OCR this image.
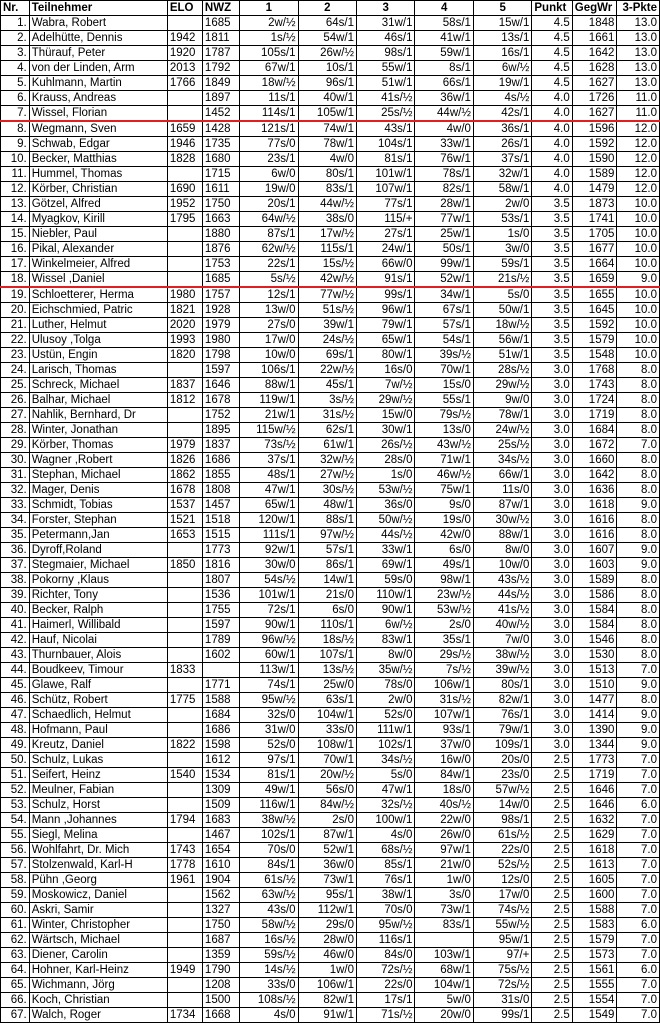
Nr.	Teilnehmer	ELO	NWZ	1	2	3	4	5	Punkt	GegWr	3-Pkte
1.	Wabra, Robert		1685	2w/½	64s/1	31w/1	58s/1	15w/1	4.5	1848	13.0
2.	Adelhütte, Dennis	1942	1811	1s/½	54w/1	46s/1	41w/1	13s/1	4.5	1661	13.0
3.	Thürauf, Peter	1920	1787	105s/1	26w/½	98s/1	59w/1	16s/1	4.5	1642	13.0
4.	von der Linden, Arm	2013	1792	67w/1	10s/1	55w/1	8s/1	6w/½	4.5	1628	13.0
5.	Kuhlmann, Martin	1766	1849	18w/½	96s/1	51w/1	66s/1	19w/1	4.5	1627	13.0
6.	Krauss, Andreas		1897	11s/1	40w/1	41s/½	36w/1	4s/½	4.0	1726	11.0
7.	Wissel, Florian		1452	114s/1	105w/1	25s/½	44w/½	42s/1	4.0	1627	11.0
8.	Wegmann, Sven	1659	1428	121s/1	74w/1	43s/1	4w/0	36s/1	4.0	1596	12.0
9.	Schwab, Edgar	1946	1735	77s/0	78w/1	104s/1	33w/1	26s/1	4.0	1592	12.0
10.	Becker, Matthias	1828	1680	23s/1	4w/0	81s/1	76w/1	37s/1	4.0	1590	12.0
11.	Hummel, Thomas		1715	6w/0	80s/1	101w/1	78s/1	32w/1	4.0	1589	12.0
12.	Körber, Christian	1690	1611	19w/0	83s/1	107w/1	82s/1	58w/1	4.0	1479	12.0
13.	Götzel, Alfred	1952	1750	20s/1	44w/½	77s/1	28w/1	2w/0	3.5	1873	10.0
14.	Myagkov, Kirill	1795	1663	64w/½	38s/0	115/+	77w/1	53s/1	3.5	1741	10.0
15.	Niebler, Paul		1880	87s/1	17w/½	27s/1	25w/1	1s/0	3.5	1705	10.0
16.	Pikal, Alexander		1876	62w/½	115s/1	24w/1	50s/1	3w/0	3.5	1677	10.0
17.	Winkelmeier, Alfred		1753	22s/1	15s/½	66w/0	99w/1	59s/1	3.5	1664	10.0
18.	Wissel ,Daniel		1685	5s/½	42w/½	91s/1	52w/1	21s/½	3.5	1659	9.0
19.	Schloetterer, Herma	1980	1757	12s/1	77w/½	99s/1	34w/1	5s/0	3.5	1655	10.0
20.	Eichschmied, Patric	1821	1928	13w/0	51s/½	96w/1	67s/1	50w/1	3.5	1645	10.0
21.	Luther, Helmut	2020	1979	27s/0	39w/1	79w/1	57s/1	18w/½	3.5	1592	10.0
22.	Ulusoy ,Tolga	1993	1980	17w/0	24s/½	65w/1	54s/1	56w/1	3.5	1579	10.0
23.	Ustün, Engin	1820	1798	10w/0	69s/1	80w/1	39s/½	51w/1	3.5	1548	10.0
24.	Larisch, Thomas		1597	106s/1	22w/½	16s/0	70w/1	28s/½	3.0	1768	8.0
25.	Schreck, Michael	1837	1646	88w/1	45s/1	7w/½	15s/0	29w/½	3.0	1743	8.0
26.	Balhar, Michael	1812	1678	119w/1	3s/½	29w/½	55s/1	9w/0	3.0	1724	8.0
27.	Nahlik, Bernhard, Dr		1752	21w/1	31s/½	15w/0	79s/½	78w/1	3.0	1719	8.0
28.	Winter, Jonathan		1895	115w/½	62s/1	30w/1	13s/0	24w/½	3.0	1684	8.0
29.	Körber, Thomas	1979	1837	73s/½	61w/1	26s/½	43w/½	25s/½	3.0	1672	7.0
30.	Wagner ,Robert	1826	1686	37s/1	32w/½	28s/0	71w/1	34s/½	3.0	1660	8.0
31.	Stephan, Michael	1862	1855	48s/1	27w/½	1s/0	46w/½	66w/1	3.0	1642	8.0
32.	Mager, Denis	1678	1808	47w/1	30s/½	53w/½	75w/1	11s/0	3.0	1636	8.0
33.	Schmidt, Tobias	1537	1457	65w/1	48w/1	36s/0	9s/0	87w/1	3.0	1618	9.0
34.	Forster, Stephan	1521	1518	120w/1	88s/1	50w/½	19s/0	30w/½	3.0	1616	8.0
35.	Petermann,Jan	1653	1515	111s/1	97w/½	44s/½	42w/0	88w/1	3.0	1616	8.0
36.	Dyroff,Roland		1773	92w/1	57s/1	33w/1	6s/0	8w/0	3.0	1607	9.0
37.	Stegmaier, Michael	1850	1816	30w/0	86s/1	69w/1	49s/1	10w/0	3.0	1603	9.0
38.	Pokorny ,Klaus		1807	54s/½	14w/1	59s/0	98w/1	43s/½	3.0	1589	8.0
39.	Richter, Tony		1536	101w/1	21s/0	110w/1	23w/½	44s/½	3.0	1586	8.0
40.	Becker, Ralph		1755	72s/1	6s/0	90w/1	53w/½	41s/½	3.0	1584	8.0
41.	Haimerl, Willibald		1597	90w/1	110s/1	6w/½	2s/0	40w/½	3.0	1584	8.0
42.	Hauf, Nicolai		1789	96w/½	18s/½	83w/1	35s/1	7w/0	3.0	1546	8.0
43.	Thurnbauer, Alois		1602	60w/1	107s/1	8w/0	29s/½	38w/½	3.0	1530	8.0
44.	Boudkeev, Timour	1833		113w/1	13s/½	35w/½	7s/½	39w/½	3.0	1513	7.0
45.	Glawe, Ralf		1771	74s/1	25w/0	78s/0	106w/1	80s/1	3.0	1510	9.0
46.	Schütz, Robert	1775	1588	95w/½	63s/1	2w/0	31s/½	82w/1	3.0	1477	8.0
47.	Schaedlich, Helmut		1684	32s/0	104w/1	52s/0	107w/1	76s/1	3.0	1414	9.0
48.	Hofmann, Paul		1686	31w/0	33s/0	111w/1	93s/1	79w/1	3.0	1390	9.0
49.	Kreutz, Daniel	1822	1598	52s/0	108w/1	102s/1	37w/0	109s/1	3.0	1344	9.0
50.	Schulz, Lukas		1612	97s/1	70w/1	34s/½	16w/0	20s/0	2.5	1773	7.0
51.	Seifert, Heinz	1540	1534	81s/1	20w/½	5s/0	84w/1	23s/0	2.5	1719	7.0
52.	Meulner, Fabian		1309	49w/1	56s/0	47w/1	18s/0	57w/½	2.5	1646	7.0
53.	Schulz, Horst		1509	116w/1	84w/½	32s/½	40s/½	14w/0	2.5	1646	6.0
54.	Mann ,Johannes	1794	1683	38w/½	2s/0	100w/1	22w/0	98s/1	2.5	1632	7.0
55.	Siegl, Melina		1467	102s/1	87w/1	4s/0	26w/0	61s/½	2.5	1629	7.0
56.	Wohlfahrt, Dr. Mich	1743	1654	70s/0	52w/1	68s/½	97w/1	22s/0	2.5	1618	7.0
57.	Stolzenwald, Karl-H	1778	1610	84s/1	36w/0	85s/1	21w/0	52s/½	2.5	1613	7.0
58.	Pühn ,Georg	1961	1904	61s/½	73w/1	76s/1	1w/0	12s/0	2.5	1605	7.0
59.	Moskowicz, Daniel		1562	63w/½	95s/1	38w/1	3s/0	17w/0	2.5	1600	7.0
60.	Askri, Samir		1327	43s/0	112w/1	70s/0	73w/1	74s/½	2.5	1588	7.0
61.	Winter, Christopher		1750	58w/½	29s/0	95w/½	83s/1	55w/½	2.5	1583	6.0
62.	Wärtsch, Michael		1687	16s/½	28w/0	116s/1		95w/1	2.5	1579	7.0
63.	Diener, Carolin		1359	59s/½	46w/0	84s/0	103w/1	97/+	2.5	1573	7.0
64.	Hohner, Karl-Heinz	1949	1790	14s/½	1w/0	72s/½	68w/1	75s/½	2.5	1561	6.0
65.	Wichmann, Jörg		1208	33s/0	106w/1	22s/0	104w/1	72s/½	2.5	1555	7.0
66.	Koch, Christian		1500	108s/½	82w/1	17s/1	5w/0	31s/0	2.5	1554	7.0
67.	Walch, Roger	1734	1668	4s/0	91w/1	71s/½	20w/0	99s/1	2.5	1549	7.0
